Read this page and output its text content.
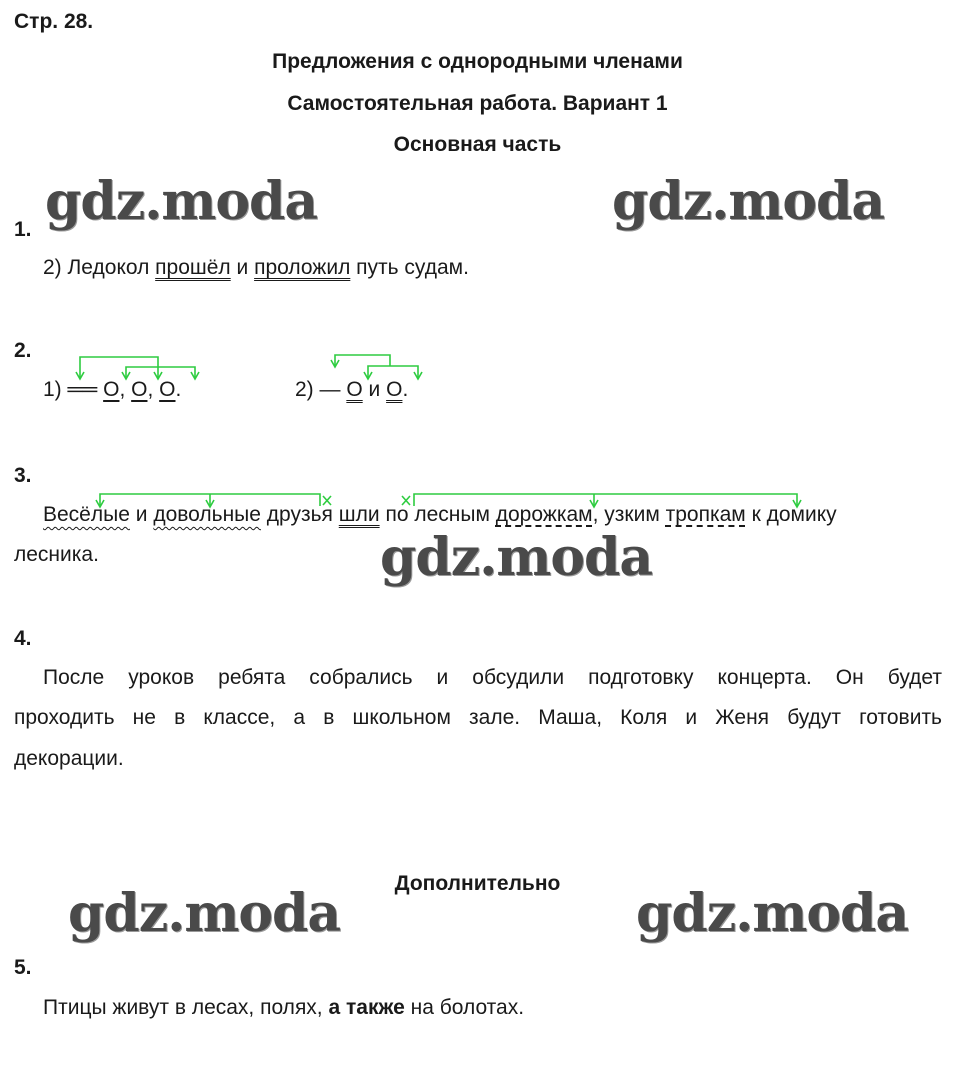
Стр. 28.
Предложения с однородными членами
Самостоятельная работа. Вариант 1
Основная часть
gdz.moda	gdz.moda
gdz.moda
gdz.moda	gdz.moda
1.
2) Ледокол прошёл и проложил путь судам.
2.
1) ══ О, О, О.	2) — О и О.
3.
Весёлые и довольные друзья шли по лесным дорожкам, узким тропкам к домику
лесника.
4.
После уроков ребята собрались и обсудили подготовку концерта. Он будет
проходить не в классе, а в школьном зале. Маша, Коля и Женя будут готовить
декорации.
Дополнительно
5.
Птицы живут в лесах, полях, а также на болотах.
